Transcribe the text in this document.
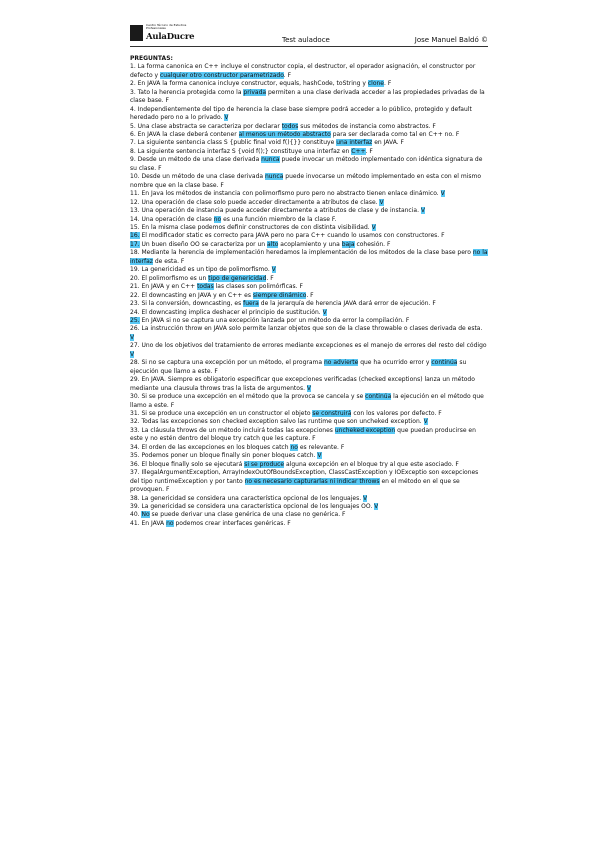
Centro Técnico de Estudios Profesionales
AulaDucre	Test auladoce	Jose Manuel Baldó ©
PREGUNTAS:

1. La forma canonica en C++ incluye el constructor copia, el destructor, el operador asignación, el constructor por defecto y cualquier otro constructor parametrizado. F

2. En JAVA la forma canonica incluye constructor, equals, hashCode, toString y clone. F

3. Tato la herencia protegida como la privada permiten a una clase derivada acceder a las propiedades privadas de la clase base. F

4. Independientemente del tipo de herencia la clase base siempre podrá acceder a lo público, protegido y default heredado pero no a lo privado. V

5. Una clase abstracta se caracteriza por declarar todos sus métodos de instancia como abstractos. F

6. En JAVA la clase deberá contener al menos un método abstracto para ser declarada como tal en C++ no. F

7. La siguiente sentencia class S {public final void f(){}} constituye una interfaz en JAVA. F

8. La siguiente sentencia interfaz S {void f();} constituye una interfaz en C++. F

9. Desde un método de una clase derivada nunca puede invocar un método implementado con idéntica signatura de su clase. F

10. Desde un método de una clase derivada nunca puede invocarse un método implementado en esta con el mismo nombre que en la clase base. F

11. En Java los métodos de instancia con polimorfismo puro pero no abstracto tienen enlace dinámico. V

12. Una operación de clase solo puede acceder directamente a atributos de clase. V

13. Una operación de instancia puede acceder directamente a atributos de clase y de instancia. V

14. Una operación de clase no es una función miembro de la clase F.

15. En la misma clase podemos definir constructores de con distinta visibilidad. V

16. El modificador static es correcto para JAVA pero no para C++ cuando lo usamos con constructores. F

17. Un buen diseño OO se caracteriza por un alto acoplamiento y una baja cohesión. F

18. Mediante la herencia de implementación heredamos la implementación de los métodos de la clase base pero no la interfaz de esta. F

19. La genericidad es un tipo de polimorfismo. V

20. El polimorfismo es un tipo de genericidad. F

21. En JAVA y en C++ todas las clases son polimórficas. F

22. El downcasting en JAVA y en C++ es siempre dinámico. F

23. Si la conversión, downcasting, es fuera de la jerarquía de herencia JAVA dará error de ejecución. F

24. El downcasting implica deshacer el principio de sustitución. V

25. En JAVA si no se captura una excepción lanzada por un método da error la compilación. F

26. La instrucción throw en JAVA solo permite lanzar objetos que son de la clase throwable o clases derivada de esta. V

27. Uno de los objetivos del tratamiento de errores mediante excepciones es el manejo de errores del resto del código V

28. Si no se captura una excepción por un método, el programa no advierte que ha ocurrido error y continúa su ejecución que llamo a este. F

29. En JAVA. Siempre es obligatorio especificar que excepciones verificadas (checked exceptions) lanza un método mediante una clausula throws tras la lista de argumentos. V

30. Si se produce una excepción en el método que la provoca se cancela y se continúa la ejecución en el método que llamo a este. F

31. Si se produce una excepción en un constructor el objeto se construirá con los valores por defecto. F

32. Todas las excepciones son checked exception salvo las runtime que son uncheked exception. V

33. La cláusula throws de un método incluirá todas las excepciones uncheked exception que puedan producirse en este y no estén dentro del bloque try catch que les capture. F

34. El orden de las excepciones en los bloques catch no es relevante. F

35. Podemos poner un bloque finally sin poner bloques catch. V

36. El bloque finally solo se ejecutará si se produce alguna excepción en el bloque try al que este asociado. F

37. IllegalArgumentException, ArrayIndexOutOfBoundsException, ClassCastException y IOExceptio son excepciones del tipo runtimeException y por tanto no es necesario capturarlas ni indicar throws en el método en el que se provoquen. F

38. La genericidad se considera una característica opcional de los lenguajes. V

39. La genericidad se considera una característica opcional de los lenguajes OO. V

40. No se puede derivar una clase genérica de una clase no genérica. F

41. En JAVA no podemos crear interfaces genéricas. F
